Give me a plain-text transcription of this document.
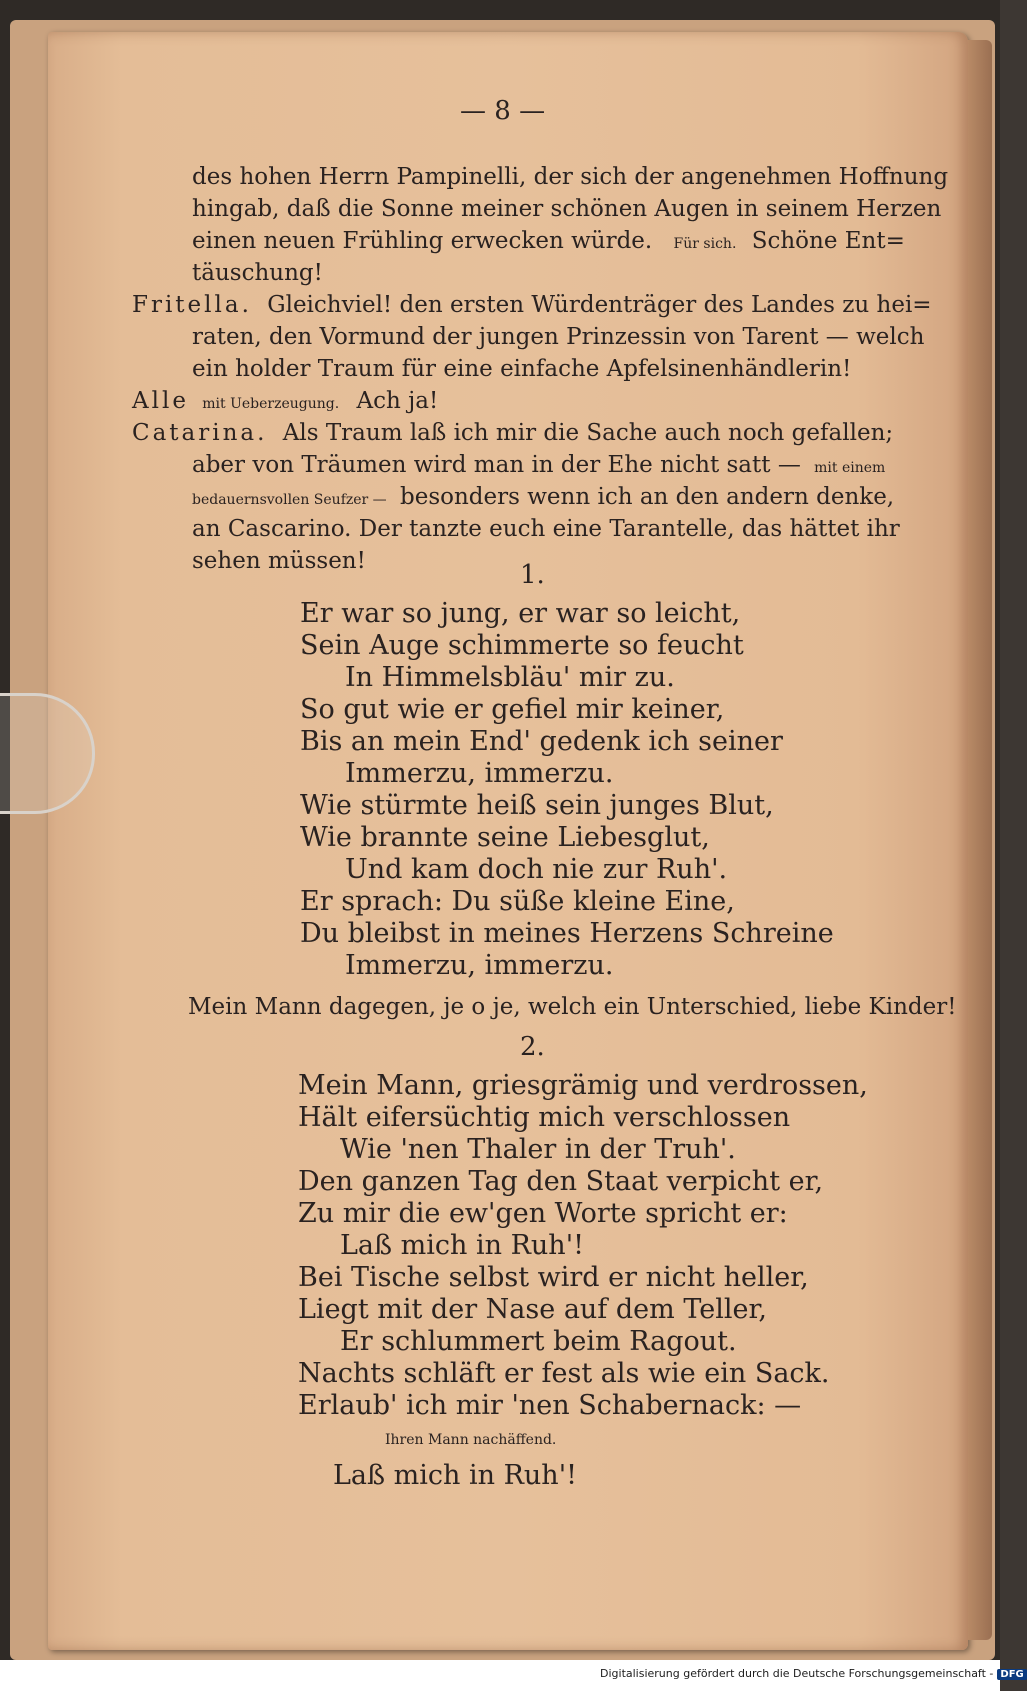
— 8 —
des hohen Herrn Pampinelli, der sich der angenehmen Hoffnung
hingab, daß die Sonne meiner schönen Augen in seinem Herzen
einen neuen Frühling erwecken würde. Für sich. Schöne Ent=
täuschung!
Fritella. Gleichviel! den ersten Würdenträger des Landes zu hei=
raten, den Vormund der jungen Prinzessin von Tarent — welch
ein holder Traum für eine einfache Apfelsinenhändlerin!
Alle mit Ueberzeugung. Ach ja!
Catarina. Als Traum laß ich mir die Sache auch noch gefallen;
aber von Träumen wird man in der Ehe nicht satt — mit einem
bedauernsvollen Seufzer — besonders wenn ich an den andern denke,
an Cascarino. Der tanzte euch eine Tarantelle, das hättet ihr
sehen müssen!	1.
Er war so jung, er war so leicht,
Sein Auge schimmerte so feucht
In Himmelsbläu' mir zu.
So gut wie er gefiel mir keiner,
Bis an mein End' gedenk ich seiner
Immerzu, immerzu.
Wie stürmte heiß sein junges Blut,
Wie brannte seine Liebesglut,
Und kam doch nie zur Ruh'.
Er sprach: Du süße kleine Eine,
Du bleibst in meines Herzens Schreine
Immerzu, immerzu.
Mein Mann dagegen, je o je, welch ein Unterschied, liebe Kinder!
2.
Mein Mann, griesgrämig und verdrossen,
Hält eifersüchtig mich verschlossen
Wie 'nen Thaler in der Truh'.
Den ganzen Tag den Staat verpicht er,
Zu mir die ew'gen Worte spricht er:
Laß mich in Ruh'!
Bei Tische selbst wird er nicht heller,
Liegt mit der Nase auf dem Teller,
Er schlummert beim Ragout.
Nachts schläft er fest als wie ein Sack.
Erlaub' ich mir 'nen Schabernack: —
Ihren Mann nachäffend.
Laß mich in Ruh'!
Digitalisierung gefördert durch die Deutsche Forschungsgemeinschaft - DFG
